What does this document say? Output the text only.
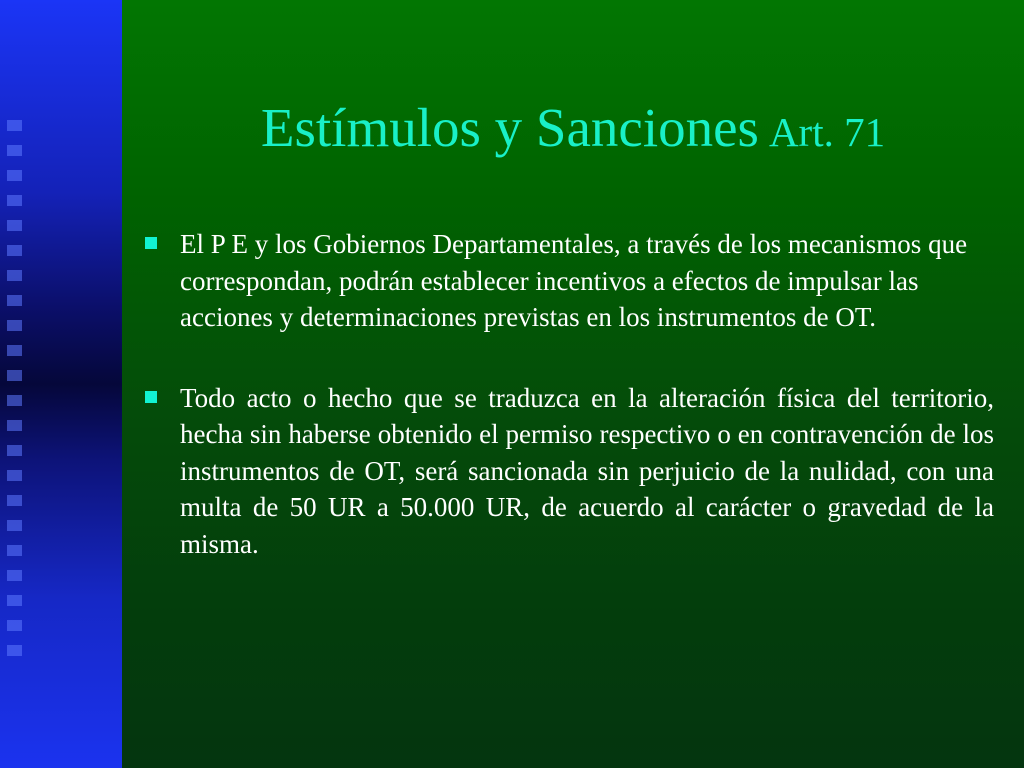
Estímulos y Sanciones Art. 71
El P E y los Gobiernos Departamentales, a través de los mecanismos que correspondan, podrán establecer incentivos a efectos de impulsar las acciones y determinaciones previstas en los instrumentos de OT.
Todo acto o hecho que se traduzca en la alteración física del territorio, hecha sin haberse obtenido el permiso respectivo o en contravención de los instrumentos de OT, será sancionada sin perjuicio de la nulidad, con una multa de 50 UR a 50.000 UR, de acuerdo al carácter o gravedad de la misma.
